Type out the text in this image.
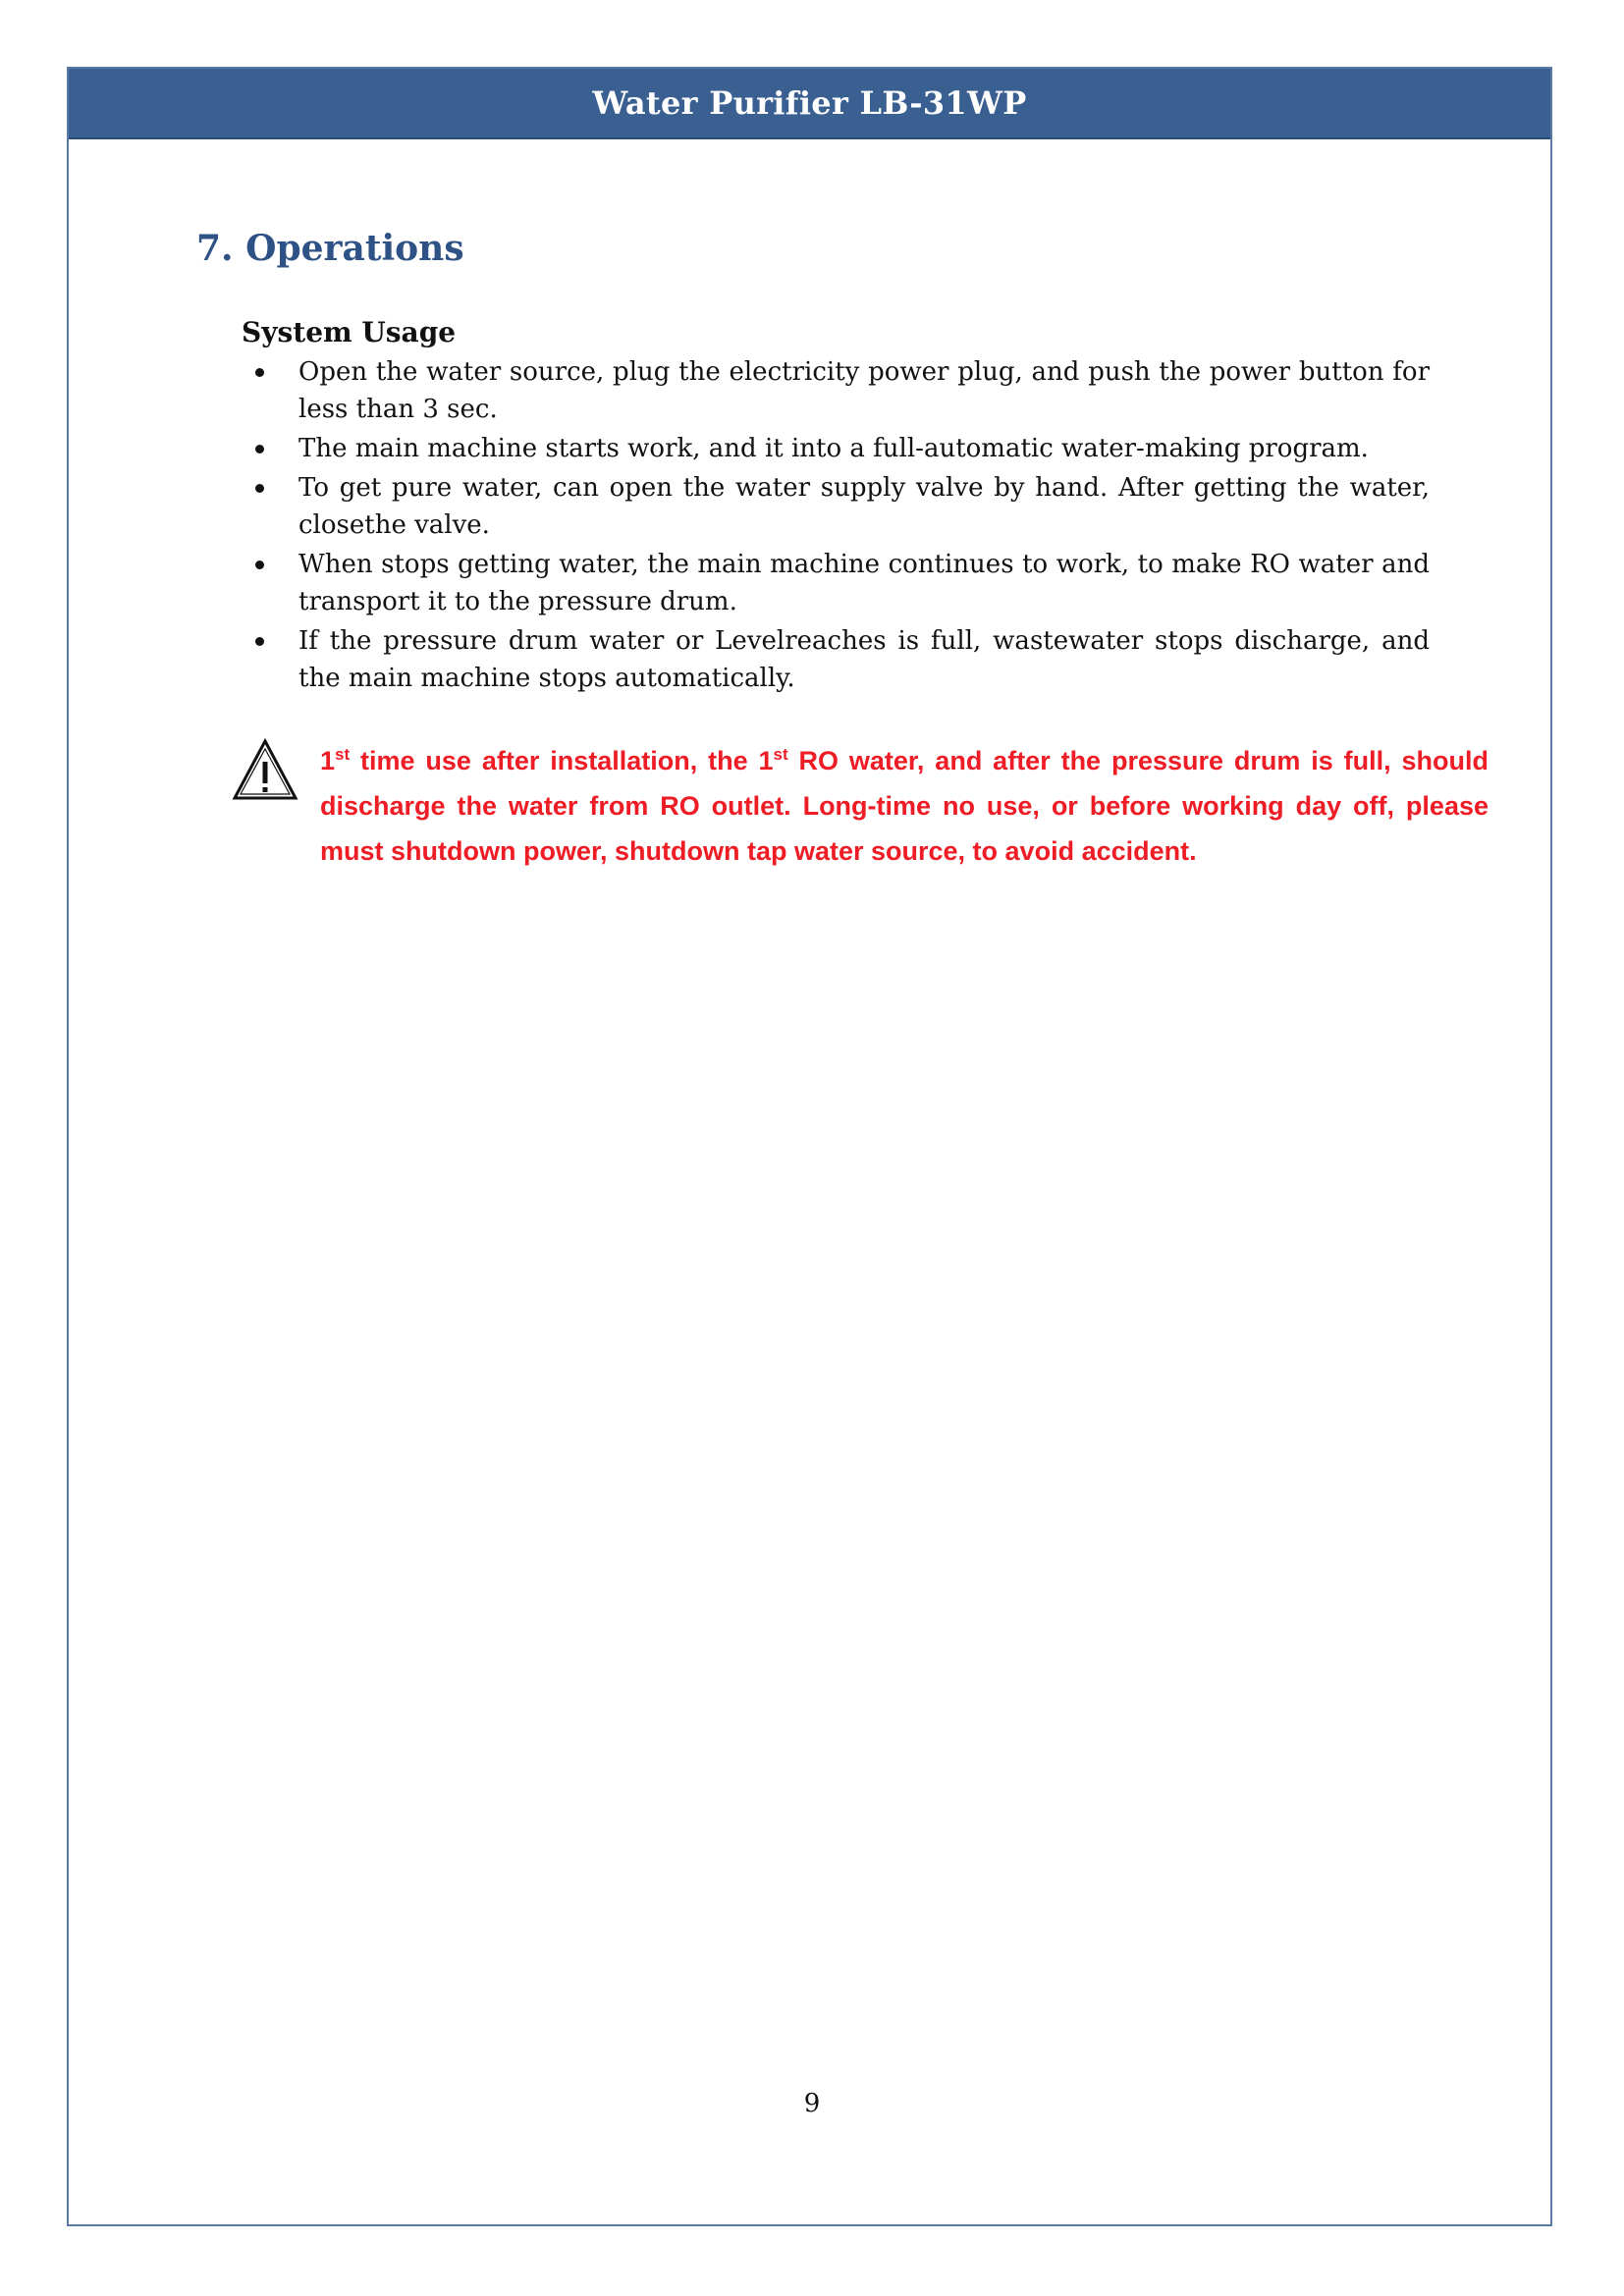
Water Purifier LB-31WP
7. Operations
System Usage
Open the water source, plug the electricity power plug, and push the power button for less than 3 sec.
The main machine starts work, and it into a full-automatic water-making program.
To get pure water, can open the water supply valve by hand. After getting the water, closethe valve.
When stops getting water, the main machine continues to work, to make RO water and transport it to the pressure drum.
If the pressure drum water or Levelreaches is full, wastewater stops discharge, and the main machine stops automatically.
1st time use after installation, the 1st RO water, and after the pressure drum is full, should discharge the water from RO outlet. Long-time no use, or before working day off, please must shutdown power, shutdown tap water source, to avoid accident.
9
